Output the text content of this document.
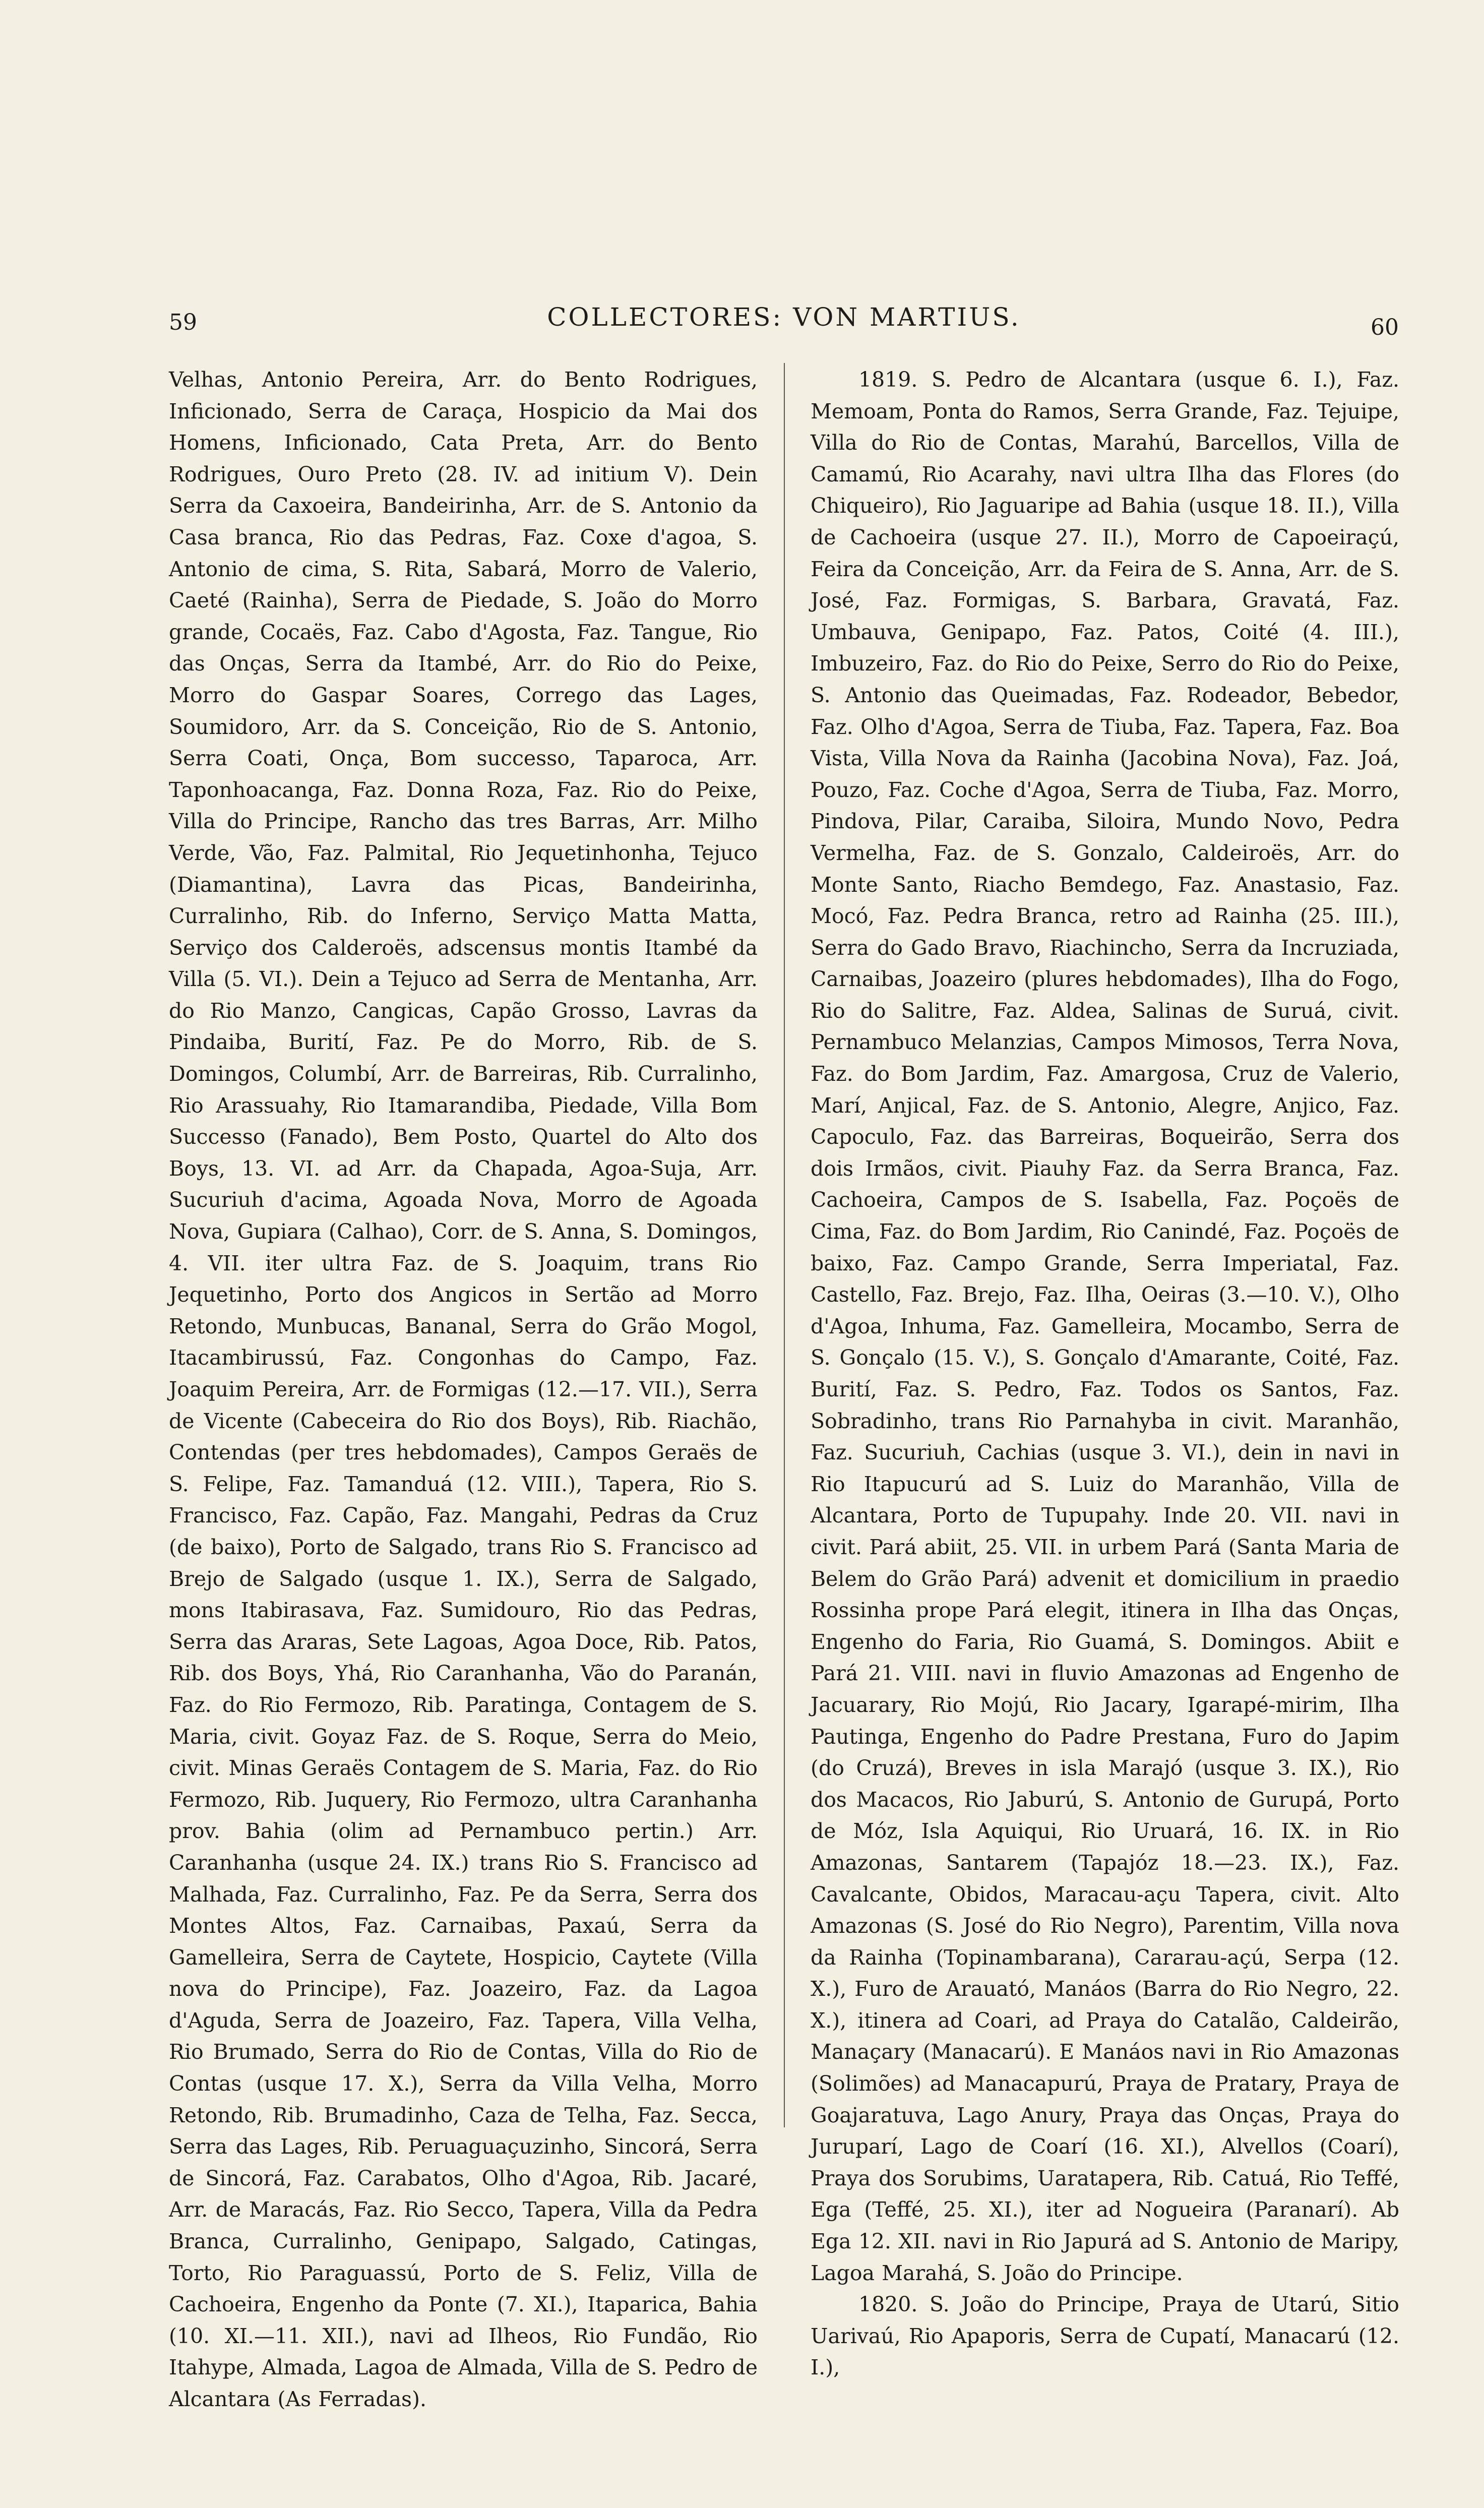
59	COLLECTORES: VON MARTIUS.	60

Velhas, Antonio Pereira, Arr. do Bento Rodrigues, Inficionado, Serra de Caraça, Hospicio da Mai dos Homens, Inficionado, Cata Preta, Arr. do Bento Rodrigues, Ouro Preto (28. IV. ad initium V). Dein Serra da Caxoeira, Bandeirinha, Arr. de S. Antonio da Casa branca, Rio das Pedras, Faz. Coxe d'agoa, S. Antonio de cima, S. Rita, Sabará, Morro de Valerio, Caeté (Rainha), Serra de Piedade, S. João do Morro grande, Cocaës, Faz. Cabo d'Agosta, Faz. Tangue, Rio das Onças, Serra da Itambé, Arr. do Rio do Peixe, Morro do Gaspar Soares, Corrego das Lages, Soumidoro, Arr. da S. Conceição, Rio de S. Antonio, Serra Coati, Onça, Bom successo, Taparoca, Arr. Taponhoacanga, Faz. Donna Roza, Faz. Rio do Peixe, Villa do Principe, Rancho das tres Barras, Arr. Milho Verde, Vão, Faz. Palmital, Rio Jequetinhonha, Tejuco (Diamantina), Lavra das Picas, Bandeirinha, Curralinho, Rib. do Inferno, Serviço Matta Matta, Serviço dos Calderoës, adscensus montis Itambé da Villa (5. VI.). Dein a Tejuco ad Serra de Mentanha, Arr. do Rio Manzo, Cangicas, Capão Grosso, Lavras da Pindaiba, Burití, Faz. Pe do Morro, Rib. de S. Domingos, Columbí, Arr. de Barreiras, Rib. Curralinho, Rio Arassuahy, Rio Itamarandiba, Piedade, Villa Bom Successo (Fanado), Bem Posto, Quartel do Alto dos Boys, 13. VI. ad Arr. da Chapada, Agoa-Suja, Arr. Sucuriuh d'acima, Agoada Nova, Morro de Agoada Nova, Gupiara (Calhao), Corr. de S. Anna, S. Domingos, 4. VII. iter ultra Faz. de S. Joaquim, trans Rio Jequetinho, Porto dos Angicos in Sertão ad Morro Retondo, Munbucas, Bananal, Serra do Grão Mogol, Itacambirussú, Faz. Congonhas do Campo, Faz. Joaquim Pereira, Arr. de Formigas (12.—17. VII.), Serra de Vicente (Cabeceira do Rio dos Boys), Rib. Riachão, Contendas (per tres hebdomades), Campos Geraës de S. Felipe, Faz. Tamanduá (12. VIII.), Tapera, Rio S. Francisco, Faz. Capão, Faz. Mangahi, Pedras da Cruz (de baixo), Porto de Salgado, trans Rio S. Francisco ad Brejo de Salgado (usque 1. IX.), Serra de Salgado, mons Itabirasava, Faz. Sumidouro, Rio das Pedras, Serra das Araras, Sete Lagoas, Agoa Doce, Rib. Patos, Rib. dos Boys, Yhá, Rio Caranhanha, Vão do Paranán, Faz. do Rio Fermozo, Rib. Paratinga, Contagem de S. Maria, civit. Goyaz Faz. de S. Roque, Serra do Meio, civit. Minas Geraës Contagem de S. Maria, Faz. do Rio Fermozo, Rib. Juquery, Rio Fermozo, ultra Caranhanha prov. Bahia (olim ad Pernambuco pertin.) Arr. Caranhanha (usque 24. IX.) trans Rio S. Francisco ad Malhada, Faz. Curralinho, Faz. Pe da Serra, Serra dos Montes Altos, Faz. Carnaibas, Paxaú, Serra da Gamelleira, Serra de Caytete, Hospicio, Caytete (Villa nova do Principe), Faz. Joazeiro, Faz. da Lagoa d'Aguda, Serra de Joazeiro, Faz. Tapera, Villa Velha, Rio Brumado, Serra do Rio de Contas, Villa do Rio de Contas (usque 17. X.), Serra da Villa Velha, Morro Retondo, Rib. Brumadinho, Caza de Telha, Faz. Secca, Serra das Lages, Rib. Peruaguaçuzinho, Sincorá, Serra de Sincorá, Faz. Carabatos, Olho d'Agoa, Rib. Jacaré, Arr. de Maracás, Faz. Rio Secco, Tapera, Villa da Pedra Branca, Curralinho, Genipapo, Salgado, Catingas, Torto, Rio Paraguassú, Porto de S. Feliz, Villa de Cachoeira, Engenho da Ponte (7. XI.), Itaparica, Bahia (10. XI.—11. XII.), navi ad Ilheos, Rio Fundão, Rio Itahype, Almada, Lagoa de Almada, Villa de S. Pedro de Alcantara (As Ferradas).

1819. S. Pedro de Alcantara (usque 6. I.), Faz. Memoam, Ponta do Ramos, Serra Grande, Faz. Tejuipe, Villa do Rio de Contas, Marahú, Barcellos, Villa de Camamú, Rio Acarahy, navi ultra Ilha das Flores (do Chiqueiro), Rio Jaguaripe ad Bahia (usque 18. II.), Villa de Cachoeira (usque 27. II.), Morro de Capoeiraçú, Feira da Conceição, Arr. da Feira de S. Anna, Arr. de S. José, Faz. Formigas, S. Barbara, Gravatá, Faz. Umbauva, Genipapo, Faz. Patos, Coité (4. III.), Imbuzeiro, Faz. do Rio do Peixe, Serro do Rio do Peixe, S. Antonio das Queimadas, Faz. Rodeador, Bebedor, Faz. Olho d'Agoa, Serra de Tiuba, Faz. Tapera, Faz. Boa Vista, Villa Nova da Rainha (Jacobina Nova), Faz. Joá, Pouzo, Faz. Coche d'Agoa, Serra de Tiuba, Faz. Morro, Pindova, Pilar, Caraiba, Siloira, Mundo Novo, Pedra Vermelha, Faz. de S. Gonzalo, Caldeiroës, Arr. do Monte Santo, Riacho Bemdego, Faz. Anastasio, Faz. Mocó, Faz. Pedra Branca, retro ad Rainha (25. III.), Serra do Gado Bravo, Riachincho, Serra da Incruziada, Carnaibas, Joazeiro (plures hebdomades), Ilha do Fogo, Rio do Salitre, Faz. Aldea, Salinas de Suruá, civit. Pernambuco Melanzias, Campos Mimosos, Terra Nova, Faz. do Bom Jardim, Faz. Amargosa, Cruz de Valerio, Marí, Anjical, Faz. de S. Antonio, Alegre, Anjico, Faz. Capoculo, Faz. das Barreiras, Boqueirão, Serra dos dois Irmãos, civit. Piauhy Faz. da Serra Branca, Faz. Cachoeira, Campos de S. Isabella, Faz. Poçoës de Cima, Faz. do Bom Jardim, Rio Canindé, Faz. Poçoës de baixo, Faz. Campo Grande, Serra Imperiatal, Faz. Castello, Faz. Brejo, Faz. Ilha, Oeiras (3.—10. V.), Olho d'Agoa, Inhuma, Faz. Gamelleira, Mocambo, Serra de S. Gonçalo (15. V.), S. Gonçalo d'Amarante, Coité, Faz. Burití, Faz. S. Pedro, Faz. Todos os Santos, Faz. Sobradinho, trans Rio Parnahyba in civit. Maranhão, Faz. Sucuriuh, Cachias (usque 3. VI.), dein in navi in Rio Itapucurú ad S. Luiz do Maranhão, Villa de Alcantara, Porto de Tupupahy. Inde 20. VII. navi in civit. Pará abiit, 25. VII. in urbem Pará (Santa Maria de Belem do Grão Pará) advenit et domicilium in praedio Rossinha prope Pará elegit, itinera in Ilha das Onças, Engenho do Faria, Rio Guamá, S. Domingos. Abiit e Pará 21. VIII. navi in fluvio Amazonas ad Engenho de Jacuarary, Rio Mojú, Rio Jacary, Igarapé-mirim, Ilha Pautinga, Engenho do Padre Prestana, Furo do Japim (do Cruzá), Breves in isla Marajó (usque 3. IX.), Rio dos Macacos, Rio Jaburú, S. Antonio de Gurupá, Porto de Móz, Isla Aquiqui, Rio Uruará, 16. IX. in Rio Amazonas, Santarem (Tapajóz 18.—23. IX.), Faz. Cavalcante, Obidos, Maracau-açu Tapera, civit. Alto Amazonas (S. José do Rio Negro), Parentim, Villa nova da Rainha (Topinambarana), Cararau-açú, Serpa (12. X.), Furo de Arauató, Manáos (Barra do Rio Negro, 22. X.), itinera ad Coari, ad Praya do Catalão, Caldeirão, Manaçary (Manacarú). E Manáos navi in Rio Amazonas (Solimões) ad Manacapurú, Praya de Pratary, Praya de Goajaratuva, Lago Anury, Praya das Onças, Praya do Juruparí, Lago de Coarí (16. XI.), Alvellos (Coarí), Praya dos Sorubims, Uaratapera, Rib. Catuá, Rio Teffé, Ega (Teffé, 25. XI.), iter ad Nogueira (Paranarí). Ab Ega 12. XII. navi in Rio Japurá ad S. Antonio de Maripy, Lagoa Marahá, S. João do Principe.

1820. S. João do Principe, Praya de Utarú, Sitio Uarivaú, Rio Apaporis, Serra de Cupatí, Manacarú (12. I.),
